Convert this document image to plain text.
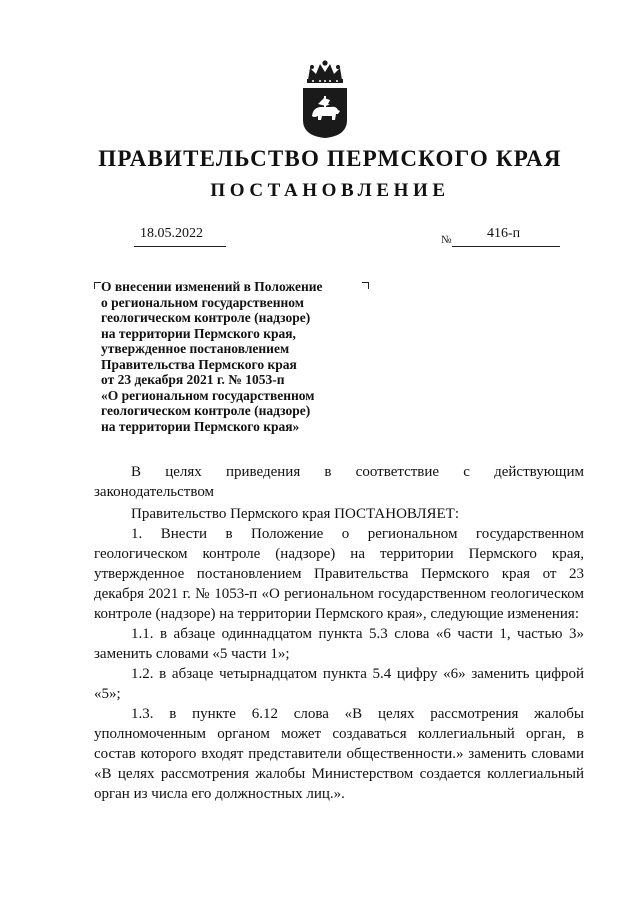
ПРАВИТЕЛЬСТВО ПЕРМСКОГО КРАЯ
ПОСТАНОВЛЕНИЕ
18.05.2022	№	416-п
О внесении изменений в Положение
о региональном государственном
геологическом контроле (надзоре)
на территории Пермского края,
утвержденное постановлением
Правительства Пермского края
от 23 декабря 2021 г. № 1053-п
«О региональном государственном
геологическом контроле (надзоре)
на территории Пермского края»

В целях приведения в соответствие с действующим законодательством

Правительство Пермского края ПОСТАНОВЛЯЕТ:

1. Внести в Положение о региональном государственном геологическом контроле (надзоре) на территории Пермского края, утвержденное постановлением Правительства Пермского края от 23 декабря 2021 г. № 1053-п «О региональном государственном геологическом контроле (надзоре) на территории Пермского края», следующие изменения:

1.1. в абзаце одиннадцатом пункта 5.3 слова «6 части 1, частью 3» заменить словами «5 части 1»;

1.2. в абзаце четырнадцатом пункта 5.4 цифру «6» заменить цифрой «5»;

1.3. в пункте 6.12 слова «В целях рассмотрения жалобы уполномоченным органом может создаваться коллегиальный орган, в состав которого входят представители общественности.» заменить словами «В целях рассмотрения жалобы Министерством создается коллегиальный орган из числа его должностных лиц.».
